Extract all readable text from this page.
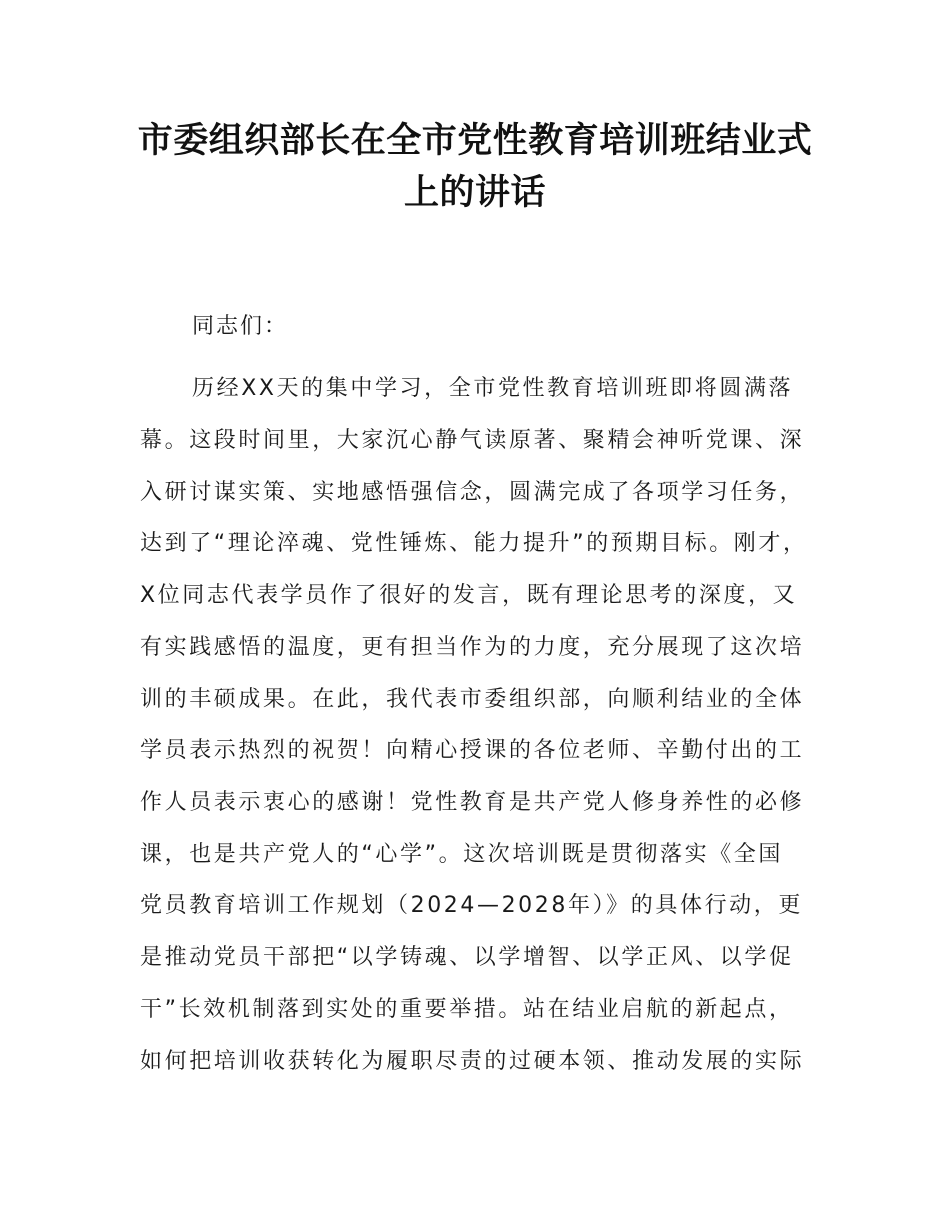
市委组织部长在全市党性教育培训班结业式
上的讲话
同志们：
历经XX天的集中学习，全市党性教育培训班即将圆满落
幕。这段时间里，大家沉心静气读原著、聚精会神听党课、深
入研讨谋实策、实地感悟强信念，圆满完成了各项学习任务，
达到了“理论淬魂、党性锤炼、能力提升”的预期目标。刚才，
X位同志代表学员作了很好的发言，既有理论思考的深度，又
有实践感悟的温度，更有担当作为的力度，充分展现了这次培
训的丰硕成果。在此，我代表市委组织部，向顺利结业的全体
学员表示热烈的祝贺！向精心授课的各位老师、辛勤付出的工
作人员表示衷心的感谢！党性教育是共产党人修身养性的必修
课，也是共产党人的“心学”。这次培训既是贯彻落实《全国
党员教育培训工作规划（2024—2028年）》的具体行动，更
是推动党员干部把“以学铸魂、以学增智、以学正风、以学促
干”长效机制落到实处的重要举措。站在结业启航的新起点，
如何把培训收获转化为履职尽责的过硬本领、推动发展的实际
